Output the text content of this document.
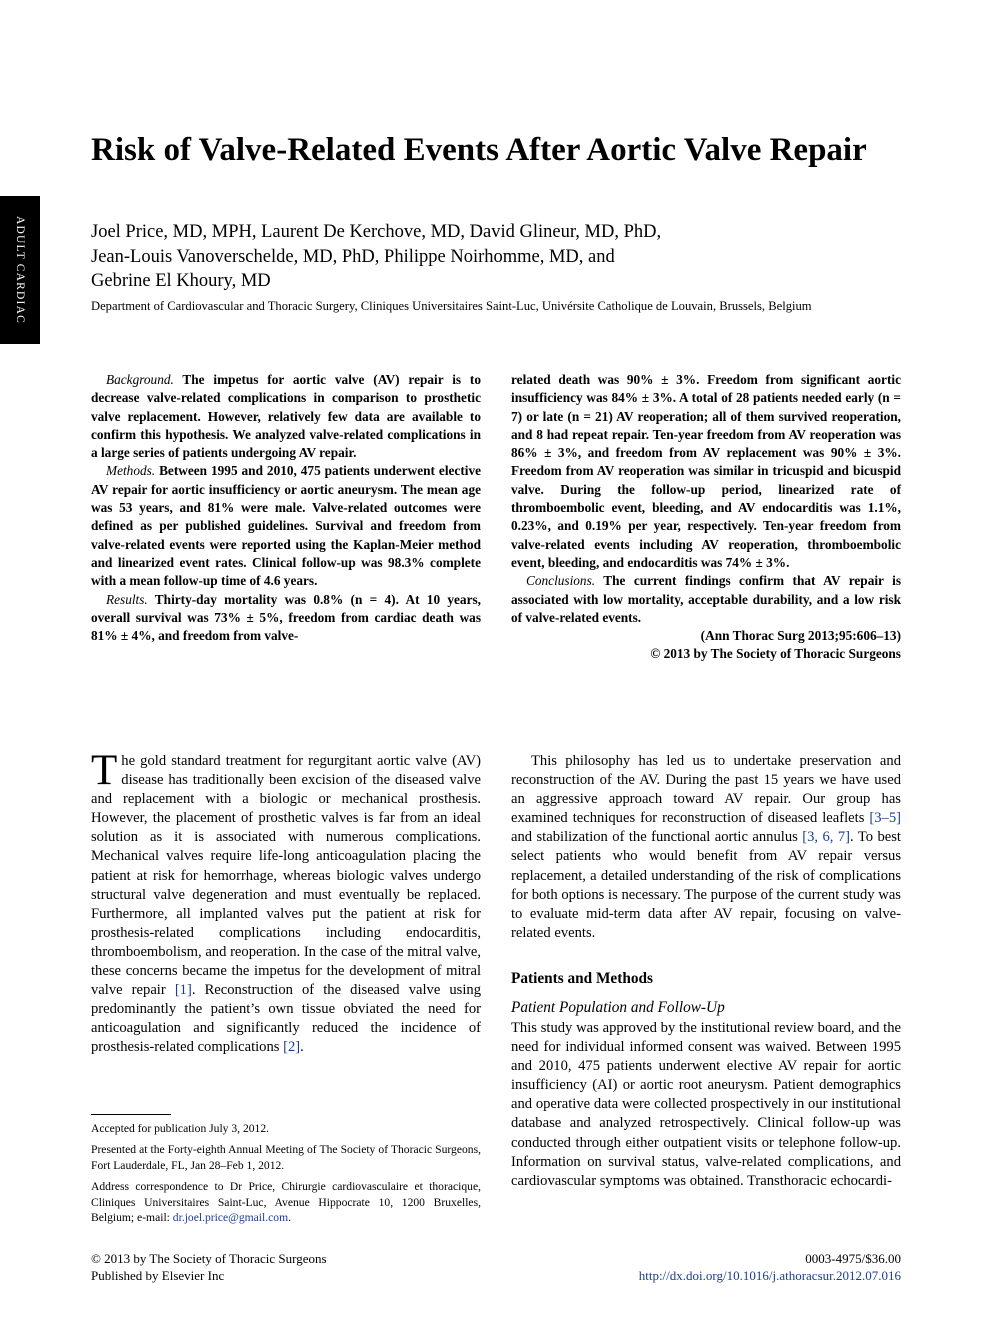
ADULT CARDIAC
Risk of Valve-Related Events After Aortic Valve Repair
Joel Price, MD, MPH, Laurent De Kerchove, MD, David Glineur, MD, PhD,
Jean-Louis Vanoverschelde, MD, PhD, Philippe Noirhomme, MD, and
Gebrine El Khoury, MD
Department of Cardiovascular and Thoracic Surgery, Cliniques Universitaires Saint-Luc, Univérsite Catholique de Louvain, Brussels, Belgium

Background. The impetus for aortic valve (AV) repair is to decrease valve-related complications in comparison to prosthetic valve replacement. However, relatively few data are available to confirm this hypothesis. We analyzed valve-related complications in a large series of patients undergoing AV repair.

Methods. Between 1995 and 2010, 475 patients underwent elective AV repair for aortic insufficiency or aortic aneurysm. The mean age was 53 years, and 81% were male. Valve-related outcomes were defined as per published guidelines. Survival and freedom from valve-related events were reported using the Kaplan-Meier method and linearized event rates. Clinical follow-up was 98.3% complete with a mean follow-up time of 4.6 years.

Results. Thirty-day mortality was 0.8% (n = 4). At 10 years, overall survival was 73% ± 5%, freedom from cardiac death was 81% ± 4%, and freedom from valve-

related death was 90% ± 3%. Freedom from significant aortic insufficiency was 84% ± 3%. A total of 28 patients needed early (n = 7) or late (n = 21) AV reoperation; all of them survived reoperation, and 8 had repeat repair. Ten-year freedom from AV reoperation was 86% ± 3%, and freedom from AV replacement was 90% ± 3%. Freedom from AV reoperation was similar in tricuspid and bicuspid valve. During the follow-up period, linearized rate of thromboembolic event, bleeding, and AV endocarditis was 1.1%, 0.23%, and 0.19% per year, respectively. Ten-year freedom from valve-related events including AV reoperation, thromboembolic event, bleeding, and endocarditis was 74% ± 3%.

Conclusions. The current findings confirm that AV repair is associated with low mortality, acceptable durability, and a low risk of valve-related events.

(Ann Thorac Surg 2013;95:606–13)

© 2013 by The Society of Thoracic Surgeons

The gold standard treatment for regurgitant aortic valve (AV) disease has traditionally been excision of the diseased valve and replacement with a biologic or mechanical prosthesis. However, the placement of prosthetic valves is far from an ideal solution as it is associated with numerous complications. Mechanical valves require life-long anticoagulation placing the patient at risk for hemorrhage, whereas biologic valves undergo structural valve degeneration and must eventually be replaced. Furthermore, all implanted valves put the patient at risk for prosthesis-related complications including endocarditis, thromboembolism, and reoperation. In the case of the mitral valve, these concerns became the impetus for the development of mitral valve repair [1]. Reconstruction of the diseased valve using predominantly the patient’s own tissue obviated the need for anticoagulation and significantly reduced the incidence of prosthesis-related complications [2].

This philosophy has led us to undertake preservation and reconstruction of the AV. During the past 15 years we have used an aggressive approach toward AV repair. Our group has examined techniques for reconstruction of diseased leaflets [3–5] and stabilization of the functional aortic annulus [3, 6, 7]. To best select patients who would benefit from AV repair versus replacement, a detailed understanding of the risk of complications for both options is necessary. The purpose of the current study was to evaluate mid-term data after AV repair, focusing on valve-related events.

Patients and Methods
Patient Population and Follow-Up

This study was approved by the institutional review board, and the need for individual informed consent was waived. Between 1995 and 2010, 475 patients underwent elective AV repair for aortic insufficiency (AI) or aortic root aneurysm. Patient demographics and operative data were collected prospectively in our institutional database and analyzed retrospectively. Clinical follow-up was conducted through either outpatient visits or telephone follow-up. Information on survival status, valve-related complications, and cardiovascular symptoms was obtained. Transthoracic echocardi-

Accepted for publication July 3, 2012.

Presented at the Forty-eighth Annual Meeting of The Society of Thoracic Surgeons, Fort Lauderdale, FL, Jan 28–Feb 1, 2012.

Address correspondence to Dr Price, Chirurgie cardiovasculaire et thoracique, Cliniques Universitaires Saint-Luc, Avenue Hippocrate 10, 1200 Bruxelles, Belgium; e-mail: dr.joel.price@gmail.com.

© 2013 by The Society of Thoracic Surgeons
Published by Elsevier Inc
0003-4975/$36.00
http://dx.doi.org/10.1016/j.athoracsur.2012.07.016
